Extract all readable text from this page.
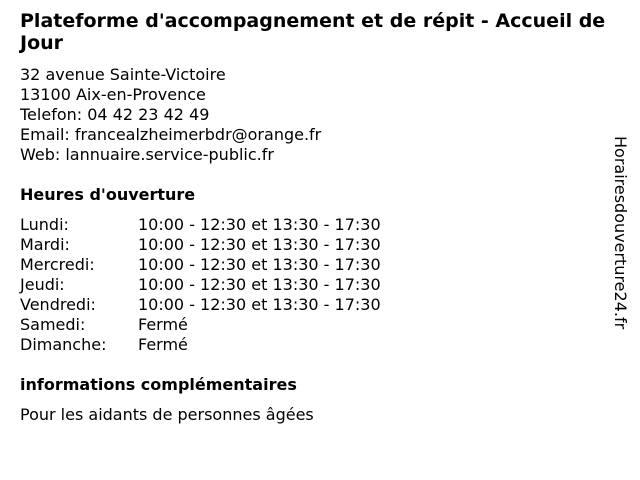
Plateforme d'accompagnement et de répit - Accueil de Jour
32 avenue Sainte-Victoire
13100 Aix-en-Provence
Telefon: 04 42 23 42 49
Email: francealzheimerbdr@orange.fr
Web: lannuaire.service-public.fr
Heures d'ouverture
Lundi:	10:00 - 12:30 et 13:30 - 17:30
Mardi:	10:00 - 12:30 et 13:30 - 17:30
Mercredi:	10:00 - 12:30 et 13:30 - 17:30
Jeudi:	10:00 - 12:30 et 13:30 - 17:30
Vendredi:	10:00 - 12:30 et 13:30 - 17:30
Samedi:	Fermé
Dimanche:	Fermé
informations complémentaires
Pour les aidants de personnes âgées
Horairesdouverture24.fr
